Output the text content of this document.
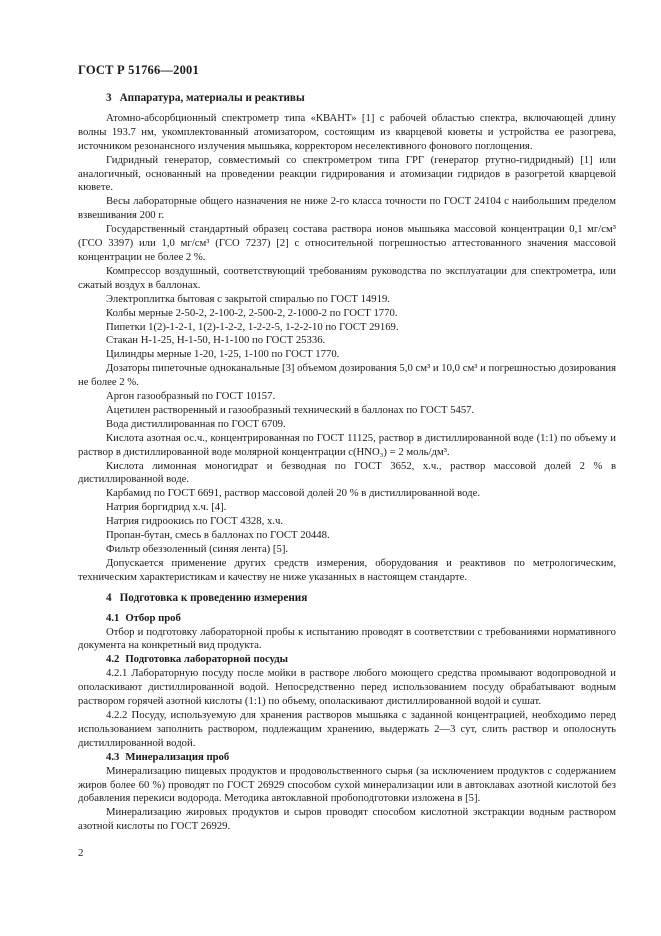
ГОСТ Р 51766—2001
3 Аппаратура, материалы и реактивы

Атомно-абсорбционный спектрометр типа «КВАНТ» [1] с рабочей областью спектра, включающей длину волны 193.7 нм, укомплектованный атомизатором, состоящим из кварцевой кюветы и устройства ее разогрева, источником резонансного излучения мышьяка, корректором неселективного фонового поглощения.

Гидридный генератор, совместимый со спектрометром типа ГРГ (генератор ртутно-гидридный) [1] или аналогичный, основанный на проведении реакции гидрирования и атомизации гидридов в разогретой кварцевой кювете.

Весы лабораторные общего назначения не ниже 2-го класса точности по ГОСТ 24104 с наибольшим пределом взвешивания 200 г.

Государственный стандартный образец состава раствора ионов мышьяка массовой концентрации 0,1 мг/см³ (ГСО 3397) или 1,0 мг/см³ (ГСО 7237) [2] с относительной погрешностью аттестованного значения массовой концентрации не более 2 %.

Компрессор воздушный, соответствующий требованиям руководства по эксплуатации для спектрометра, или сжатый воздух в баллонах.

Электроплитка бытовая с закрытой спиралью по ГОСТ 14919.

Колбы мерные 2-50-2, 2-100-2, 2-500-2, 2-1000-2 по ГОСТ 1770.

Пипетки 1(2)-1-2-1, 1(2)-1-2-2, 1-2-2-5, 1-2-2-10 по ГОСТ 29169.

Стакан Н-1-25, Н-1-50, Н-1-100 по ГОСТ 25336.

Цилиндры мерные 1-20, 1-25, 1-100 по ГОСТ 1770.

Дозаторы пипеточные одноканальные [3] объемом дозирования 5,0 см³ и 10,0 см³ и погрешностью дозирования не более 2 %.

Аргон газообразный по ГОСТ 10157.

Ацетилен растворенный и газообразный технический в баллонах по ГОСТ 5457.

Вода дистиллированная по ГОСТ 6709.

Кислота азотная ос.ч., концентрированная по ГОСТ 11125, раствор в дистиллированной воде (1:1) по объему и раствор в дистиллированной воде молярной концентрации c(HNO₃) = 2 моль/дм³.

Кислота лимонная моногидрат и безводная по ГОСТ 3652, х.ч., раствор массовой долей 2 % в дистиллированной воде.

Карбамид по ГОСТ 6691, раствор массовой долей 20 % в дистиллированной воде.

Натрия боргидрид х.ч. [4].

Натрия гидроокись по ГОСТ 4328, х.ч.

Пропан-бутан, смесь в баллонах по ГОСТ 20448.

Фильтр обеззоленный (синяя лента) [5].

Допускается применение других средств измерения, оборудования и реактивов по метрологическим, техническим характеристикам и качеству не ниже указанных в настоящем стандарте.

4 Подготовка к проведению измерения
4.1 Отбор проб

Отбор и подготовку лабораторной пробы к испытанию проводят в соответствии с требованиями нормативного документа на конкретный вид продукта.

4.2 Подготовка лабораторной посуды

4.2.1 Лабораторную посуду после мойки в растворе любого моющего средства промывают водопроводной и ополаскивают дистиллированной водой. Непосредственно перед использованием посуду обрабатывают водным раствором горячей азотной кислоты (1:1) по объему, ополаскивают дистиллированной водой и сушат.

4.2.2 Посуду, используемую для хранения растворов мышьяка с заданной концентрацией, необходимо перед использованием заполнить раствором, подлежащим хранению, выдержать 2—3 сут, слить раствор и ополоснуть дистиллированной водой.

4.3 Минерализация проб

Минерализацию пищевых продуктов и продовольственного сырья (за исключением продуктов с содержанием жиров более 60 %) проводят по ГОСТ 26929 способом сухой минерализации или в автоклавах азотной кислотой без добавления перекиси водорода. Методика автоклавной пробоподготовки изложена в [5].

Минерализацию жировых продуктов и сыров проводят способом кислотной экстракции водным раствором азотной кислоты по ГОСТ 26929.

2
